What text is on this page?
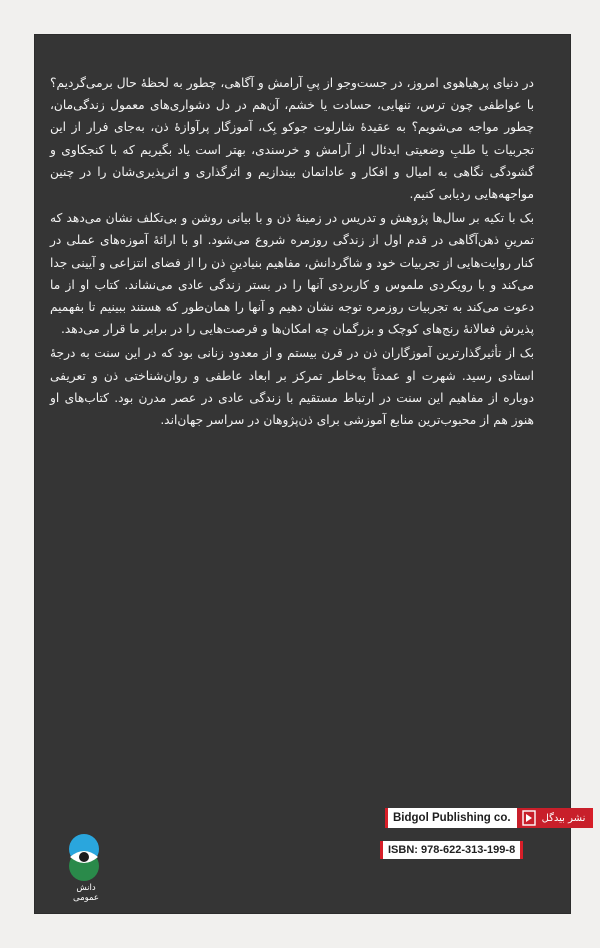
در دنیای پرهیاهوی امروز، در جست‌وجو از پیِ آرامش و آگاهی، چطور به لحظهٔ حال برمی‌گردیم؟ با عواطفی چون ترس، تنهایی، حسادت یا خشم، آن‌هم در دل دشواری‌های معمول زندگی‌مان، چطور مواجه می‌شویم؟ به عقیدهٔ شارلوت جوکو بِک، آموزگار پرآوازهٔ ذن، به‌جای فرار از این تجربیات یا طلبِ وضعیتی ایدئال از آرامش و خرسندی، بهتر است یاد بگیریم که با کنجکاوی و گشودگی نگاهی به امیال و افکار و عاداتمان بیندازیم و اثرگذاری و اثرپذیری‌شان را در چنین مواجهه‌هایی ردیابی کنیم.

بک با تکیه بر سال‌ها پژوهش و تدریس در زمینهٔ ذن و با بیانی روشن و بی‌تکلف نشان می‌دهد که تمرینِ ذهن‌آگاهی در قدم اول از زندگی روزمره شروع می‌شود. او با ارائهٔ آموزه‌های عملی در کنار روایت‌هایی از تجربیات خود و شاگردانش، مفاهیم بنیادینِ ذن را از فضای انتزاعی و آیینی جدا می‌کند و با رویکردی ملموس و کاربردی آنها را در بستر زندگی عادی می‌نشاند. کتاب او از ما دعوت می‌کند به تجربیات روزمره توجه نشان دهیم و آنها را همان‌طور که هستند ببینیم تا بفهمیم پذیرش فعالانهٔ رنج‌های کوچک و بزرگمان چه امکان‌ها و فرصت‌هایی را در برابر ما قرار می‌دهد.

بک از تأثیرگذارترین آموزگاران ذن در قرن بیستم و از معدود زنانی بود که در این سنت به درجهٔ استادی رسید. شهرت او عمدتاً به‌خاطر تمرکز بر ابعاد عاطفی و روان‌شناختی ذن و تعریفی دوباره از مفاهیم این سنت در ارتباط مستقیم با زندگی عادی در عصر مدرن بود. کتاب‌های او هنوز هم از محبوب‌ترین منابع آموزشی برای ذن‌پژوهان در سراسر جهان‌اند.

Bidgol Publishing co.	نشر بیدگل
ISBN: 978-622-313-199-8
دانش عمومی
